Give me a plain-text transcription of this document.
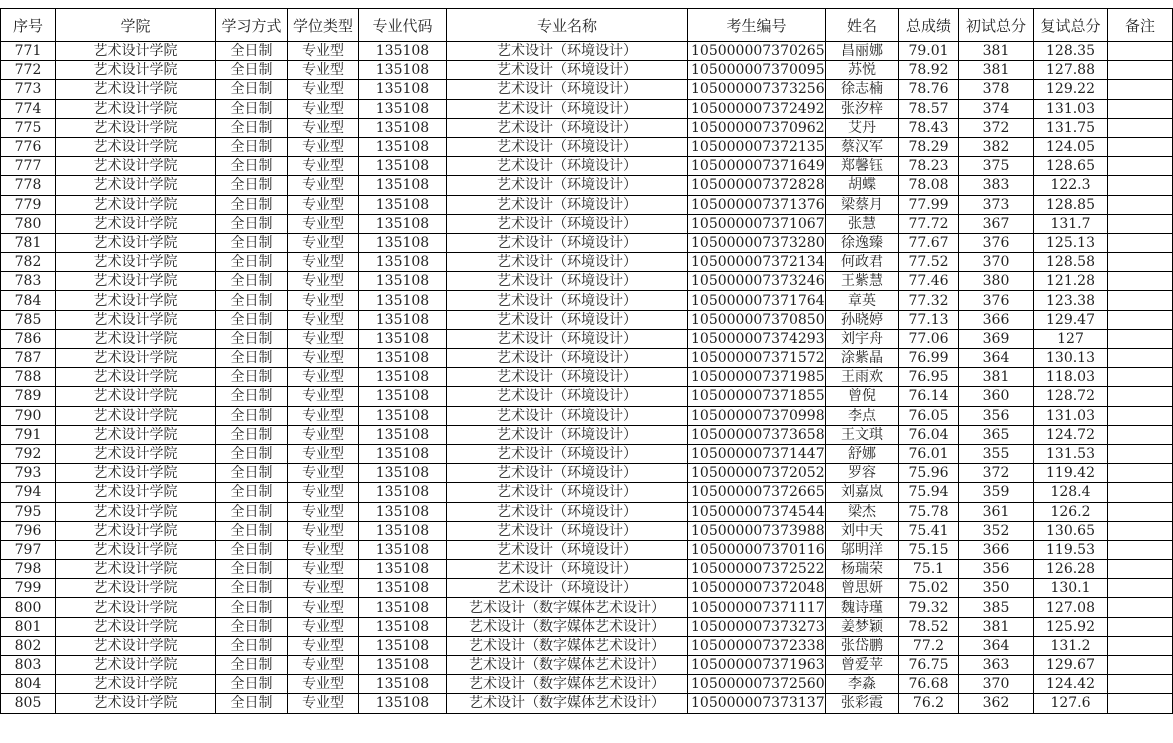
序号	学院	学习方式	学位类型	专业代码	专业名称	考生编号	姓名	总成绩	初试总分	复试总分	备注
771	艺术设计学院	全日制	专业型	135108	艺术设计（环境设计）	105000007370265	昌丽娜	79.01	381	128.35	
772	艺术设计学院	全日制	专业型	135108	艺术设计（环境设计）	105000007370095	苏悦	78.92	381	127.88	
773	艺术设计学院	全日制	专业型	135108	艺术设计（环境设计）	105000007373256	徐志楠	78.76	378	129.22	
774	艺术设计学院	全日制	专业型	135108	艺术设计（环境设计）	105000007372492	张汐梓	78.57	374	131.03	
775	艺术设计学院	全日制	专业型	135108	艺术设计（环境设计）	105000007370962	艾丹	78.43	372	131.75	
776	艺术设计学院	全日制	专业型	135108	艺术设计（环境设计）	105000007372135	蔡汉军	78.29	382	124.05	
777	艺术设计学院	全日制	专业型	135108	艺术设计（环境设计）	105000007371649	郑馨钰	78.23	375	128.65	
778	艺术设计学院	全日制	专业型	135108	艺术设计（环境设计）	105000007372828	胡蝶	78.08	383	122.3	
779	艺术设计学院	全日制	专业型	135108	艺术设计（环境设计）	105000007371376	梁蔡月	77.99	373	128.85	
780	艺术设计学院	全日制	专业型	135108	艺术设计（环境设计）	105000007371067	张慧	77.72	367	131.7	
781	艺术设计学院	全日制	专业型	135108	艺术设计（环境设计）	105000007373280	徐逸臻	77.67	376	125.13	
782	艺术设计学院	全日制	专业型	135108	艺术设计（环境设计）	105000007372134	何政君	77.52	370	128.58	
783	艺术设计学院	全日制	专业型	135108	艺术设计（环境设计）	105000007373246	王紫慧	77.46	380	121.28	
784	艺术设计学院	全日制	专业型	135108	艺术设计（环境设计）	105000007371764	章英	77.32	376	123.38	
785	艺术设计学院	全日制	专业型	135108	艺术设计（环境设计）	105000007370850	孙晓婷	77.13	366	129.47	
786	艺术设计学院	全日制	专业型	135108	艺术设计（环境设计）	105000007374293	刘宇舟	77.06	369	127	
787	艺术设计学院	全日制	专业型	135108	艺术设计（环境设计）	105000007371572	涂紫晶	76.99	364	130.13	
788	艺术设计学院	全日制	专业型	135108	艺术设计（环境设计）	105000007371985	王雨欢	76.95	381	118.03	
789	艺术设计学院	全日制	专业型	135108	艺术设计（环境设计）	105000007371855	曾倪	76.14	360	128.72	
790	艺术设计学院	全日制	专业型	135108	艺术设计（环境设计）	105000007370998	李点	76.05	356	131.03	
791	艺术设计学院	全日制	专业型	135108	艺术设计（环境设计）	105000007373658	王文琪	76.04	365	124.72	
792	艺术设计学院	全日制	专业型	135108	艺术设计（环境设计）	105000007371447	舒娜	76.01	355	131.53	
793	艺术设计学院	全日制	专业型	135108	艺术设计（环境设计）	105000007372052	罗容	75.96	372	119.42	
794	艺术设计学院	全日制	专业型	135108	艺术设计（环境设计）	105000007372665	刘嘉岚	75.94	359	128.4	
795	艺术设计学院	全日制	专业型	135108	艺术设计（环境设计）	105000007374544	梁杰	75.78	361	126.2	
796	艺术设计学院	全日制	专业型	135108	艺术设计（环境设计）	105000007373988	刘中天	75.41	352	130.65	
797	艺术设计学院	全日制	专业型	135108	艺术设计（环境设计）	105000007370116	邬明洋	75.15	366	119.53	
798	艺术设计学院	全日制	专业型	135108	艺术设计（环境设计）	105000007372522	杨瑞荣	75.1	356	126.28	
799	艺术设计学院	全日制	专业型	135108	艺术设计（环境设计）	105000007372048	曾思妍	75.02	350	130.1	
800	艺术设计学院	全日制	专业型	135108	艺术设计（数字媒体艺术设计）	105000007371117	魏诗瑾	79.32	385	127.08	
801	艺术设计学院	全日制	专业型	135108	艺术设计（数字媒体艺术设计）	105000007373273	姜梦颖	78.52	381	125.92	
802	艺术设计学院	全日制	专业型	135108	艺术设计（数字媒体艺术设计）	105000007372338	张岱鹏	77.2	364	131.2	
803	艺术设计学院	全日制	专业型	135108	艺术设计（数字媒体艺术设计）	105000007371963	曾爱苹	76.75	363	129.67	
804	艺术设计学院	全日制	专业型	135108	艺术设计（数字媒体艺术设计）	105000007372560	李淼	76.68	370	124.42	
805	艺术设计学院	全日制	专业型	135108	艺术设计（数字媒体艺术设计）	105000007373137	张彩霞	76.2	362	127.6	
